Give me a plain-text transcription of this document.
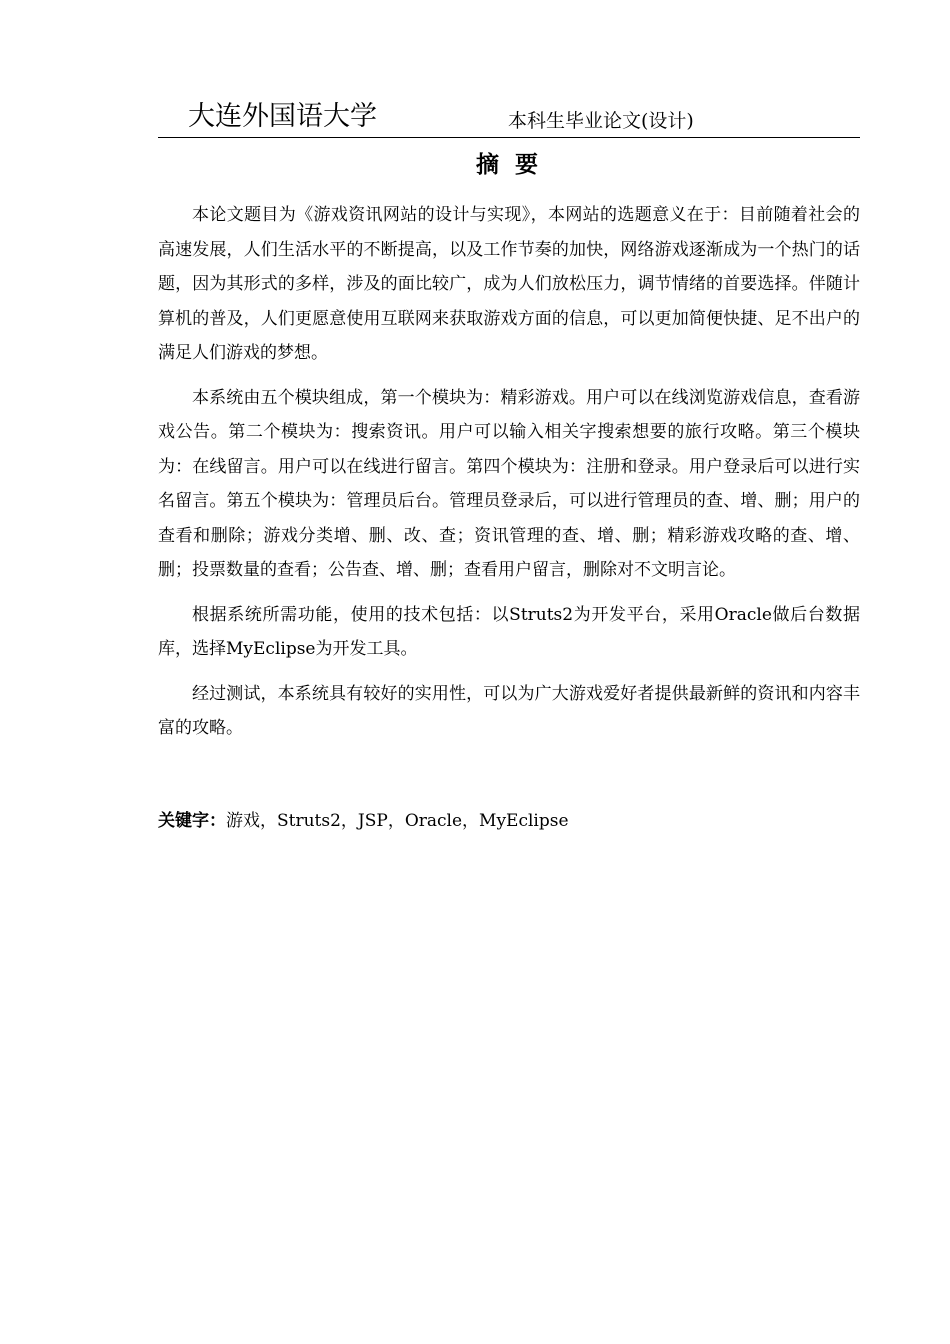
大连外国语大学	本科生毕业论文(设计)
摘 要

本论文题目为《游戏资讯网站的设计与实现》，本网站的选题意义在于：目前随着社会的高速发展，人们生活水平的不断提高，以及工作节奏的加快，网络游戏逐渐成为一个热门的话题，因为其形式的多样，涉及的面比较广，成为人们放松压力，调节情绪的首要选择。伴随计算机的普及，人们更愿意使用互联网来获取游戏方面的信息，可以更加简便快捷、足不出户的满足人们游戏的梦想。

本系统由五个模块组成，第一个模块为：精彩游戏。用户可以在线浏览游戏信息，查看游戏公告。第二个模块为：搜索资讯。用户可以输入相关字搜索想要的旅行攻略。第三个模块为：在线留言。用户可以在线进行留言。第四个模块为：注册和登录。用户登录后可以进行实名留言。第五个模块为：管理员后台。管理员登录后，可以进行管理员的查、增、删；用户的查看和删除；游戏分类增、删、改、查；资讯管理的查、增、删；精彩游戏攻略的查、增、删；投票数量的查看；公告查、增、删；查看用户留言，删除对不文明言论。

根据系统所需功能，使用的技术包括：以Struts2为开发平台，采用Oracle做后台数据库，选择MyEclipse为开发工具。

经过测试，本系统具有较好的实用性，可以为广大游戏爱好者提供最新鲜的资讯和内容丰富的攻略。

关键字：游戏，Struts2，JSP，Oracle，MyEclipse
